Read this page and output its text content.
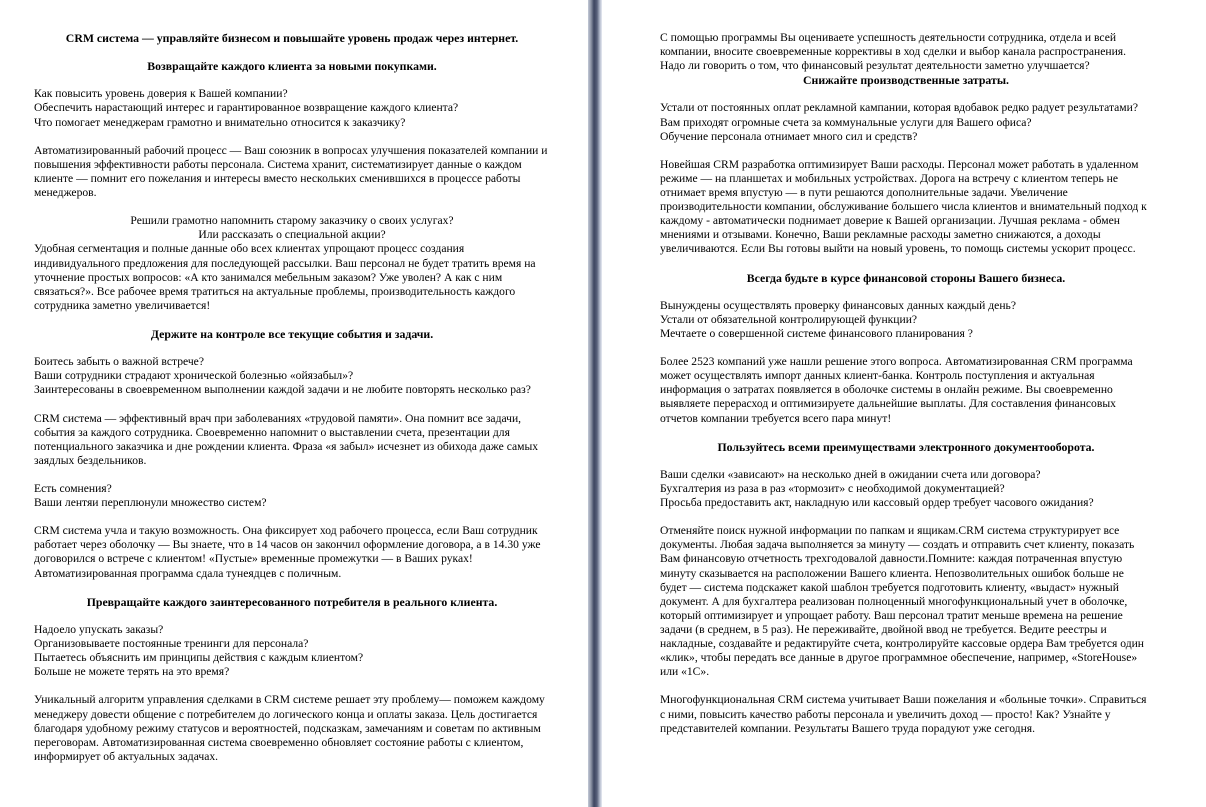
CRM система — управляйте бизнесом и повышайте уровень продаж через интернет.
Возвращайте каждого клиента за новыми покупками.

Как повысить уровень доверия к Вашей компании?
Обеспечить нарастающий интерес и гарантированное возвращение каждого клиента?
Что помогает менеджерам грамотно и внимательно относится к заказчику?

Автоматизированный рабочий процесс — Ваш союзник в вопросах улучшения показателей компании и повышения эффективности работы персонала. Система хранит, систематизирует данные о каждом клиенте — помнит его пожелания и интересы вместо нескольких сменившихся в процессе работы менеджеров.

Решили грамотно напомнить старому заказчику о своих услугах?
Или рассказать о специальной акции?

Удобная сегментация и полные данные обо всех клиентах упрощают процесс создания индивидуального предложения для последующей рассылки. Ваш персонал не будет тратить время на уточнение простых вопросов: «А кто занимался мебельным заказом? Уже уволен? А как с ним связаться?». Все рабочее время тратиться на актуальные проблемы, производительность каждого сотрудника заметно увеличивается!

Держите на контроле все текущие события и задачи.

Боитесь забыть о важной встрече?
Ваши сотрудники страдают хронической болезнью «ойязабыл»?
Заинтересованы в своевременном выполнении каждой задачи и не любите повторять несколько раз?

CRM система — эффективный врач при заболеваниях «трудовой памяти». Она помнит все задачи, события за каждого сотрудника. Своевременно напомнит о выставлении счета, презентации для потенциального заказчика и дне рождении клиента. Фраза «я забыл» исчезнет из обихода даже самых заядлых бездельников.

Есть сомнения?
Ваши лентяи переплюнули множество систем?

CRM система учла и такую возможность. Она фиксирует ход рабочего процесса, если Ваш сотрудник работает через оболочку — Вы знаете, что в 14 часов он закончил оформление договора, а в 14.30 уже договорился о встрече с клиентом! «Пустые» временные промежутки — в Ваших руках! Автоматизированная программа сдала тунеядцев с поличным.

Превращайте каждого заинтересованного потребителя в реального клиента.

Надоело упускать заказы?
Организовываете постоянные тренинги для персонала?
Пытаетесь объяснить им принципы действия с каждым клиентом?
Больше не можете терять на это время?

Уникальный алгоритм управления сделками в CRM системе решает эту проблему— поможем каждому менеджеру довести общение с потребителем до логического конца и оплаты заказа. Цель достигается благодаря удобному режиму статусов и вероятностей, подсказкам, замечаниям и советам по активным переговорам. Автоматизированная система своевременно обновляет состояние работы с клиентом, информирует об актуальных задачах.

С помощью программы Вы оцениваете успешность деятельности сотрудника, отдела и всей компании, вносите своевременные коррективы в ход сделки и выбор канала распространения. Надо ли говорить о том, что финансовый результат деятельности заметно улучшается?

Снижайте производственные затраты.

Устали от постоянных оплат рекламной кампании, которая вдобавок редко радует результатами?
Вам приходят огромные счета за коммунальные услуги для Вашего офиса?
Обучение персонала отнимает много сил и средств?

Новейшая CRM разработка оптимизирует Ваши расходы. Персонал может работать в удаленном режиме — на планшетах и мобильных устройствах. Дорога на встречу с клиентом теперь не отнимает время впустую — в пути решаются дополнительные задачи. Увеличение производительности компании, обслуживание большего числа клиентов и внимательный подход к каждому - автоматически поднимает доверие к Вашей организации. Лучшая реклама - обмен мнениями и отзывами. Конечно, Ваши рекламные расходы заметно снижаются, а доходы увеличиваются. Если Вы готовы выйти на новый уровень, то помощь системы ускорит процесс.

Всегда будьте в курсе финансовой стороны Вашего бизнеса.

Вынуждены осуществлять проверку финансовых данных каждый день?
Устали от обязательной контролирующей функции?
Мечтаете о совершенной системе финансового планирования ?

Более 2523 компаний уже нашли решение этого вопроса. Автоматизированная CRM программа может осуществлять импорт данных клиент-банка. Контроль поступления и актуальная информация о затратах появляется в оболочке системы в онлайн режиме. Вы своевременно выявляете перерасход и оптимизируете дальнейшие выплаты. Для составления финансовых отчетов компании требуется всего пара минут!

Пользуйтесь всеми преимуществами электронного документооборота.

Ваши сделки «зависают» на несколько дней в ожидании счета или договора?
Бухгалтерия из раза в раз «тормозит» с необходимой документацией?
Просьба предоставить акт, накладную или кассовый ордер требует часового ожидания?

Отменяйте поиск нужной информации по папкам и ящикам.CRM система структурирует все документы. Любая задача выполняется за минуту — создать и отправить счет клиенту, показать Вам финансовую отчетность трехгодовалой давности.Помните: каждая потраченная впустую минуту сказывается на расположении Вашего клиента. Непозволительных ошибок больше не будет — система подскажет какой шаблон требуется подготовить клиенту, «выдаст» нужный документ. А для бухгалтера реализован полноценный многофункциональный учет в оболочке, который оптимизирует и упрощает работу. Ваш персонал тратит меньше времена на решение задачи (в среднем, в 5 раз). Не переживайте, двойной ввод не требуется. Ведите реестры и накладные, создавайте и редактируйте счета, контролируйте кассовые ордера Вам требуется один «клик», чтобы передать все данные в другое программное обеспечение, например, «StoreHouse» или «1С».

Многофункциональная CRM система учитывает Ваши пожелания и «больные точки». Справиться с ними, повысить качество работы персонала и увеличить доход — просто! Как? Узнайте у представителей компании. Результаты Вашего труда порадуют уже сегодня.
